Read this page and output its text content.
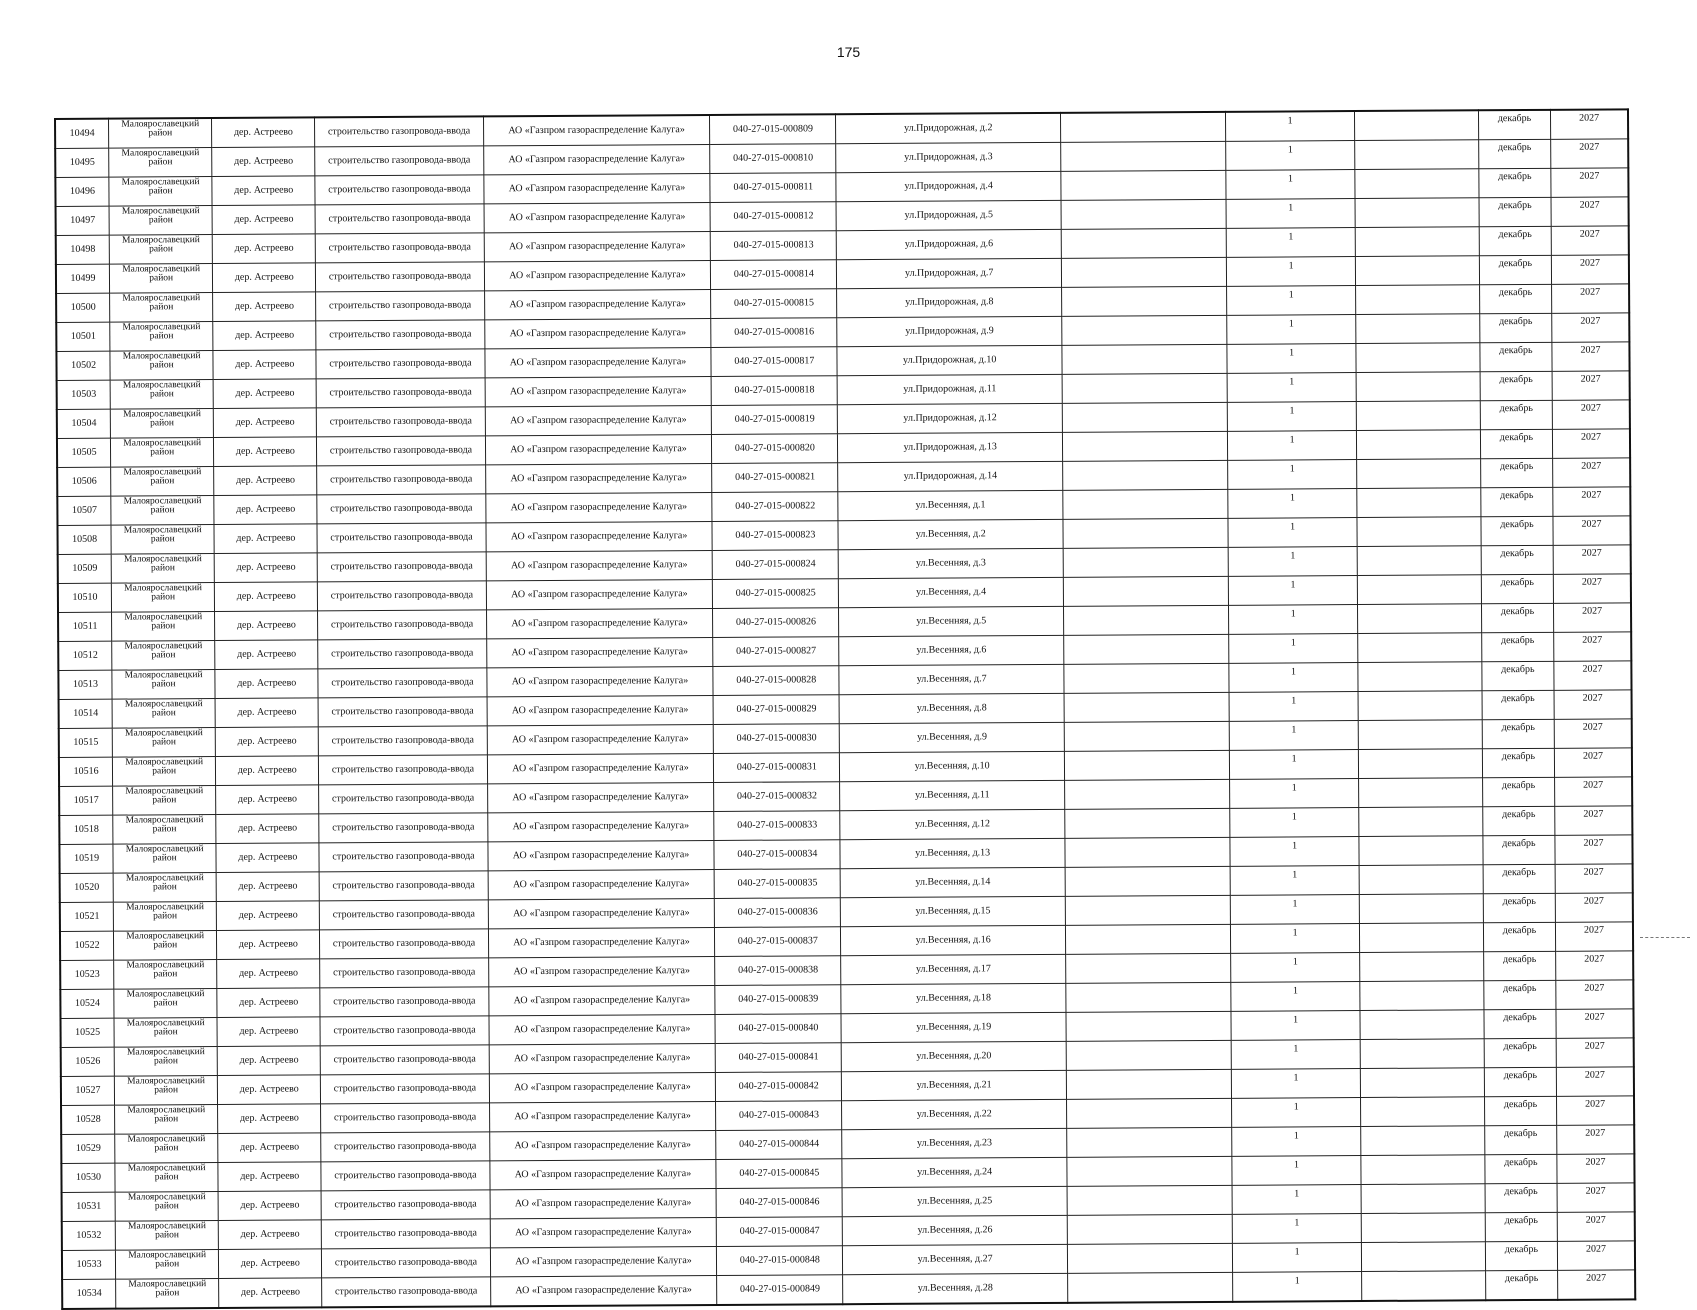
175
10494	Малоярославецкий район	дер. Астреево	строительство газопровода-ввода	АО «Газпром газораспределение Калуга»	040-27-015-000809	ул.Придорожная, д.2		1		декабрь	2027
10495	Малоярославецкий район	дер. Астреево	строительство газопровода-ввода	АО «Газпром газораспределение Калуга»	040-27-015-000810	ул.Придорожная, д.3		1		декабрь	2027
10496	Малоярославецкий район	дер. Астреево	строительство газопровода-ввода	АО «Газпром газораспределение Калуга»	040-27-015-000811	ул.Придорожная, д.4		1		декабрь	2027
10497	Малоярославецкий район	дер. Астреево	строительство газопровода-ввода	АО «Газпром газораспределение Калуга»	040-27-015-000812	ул.Придорожная, д.5		1		декабрь	2027
10498	Малоярославецкий район	дер. Астреево	строительство газопровода-ввода	АО «Газпром газораспределение Калуга»	040-27-015-000813	ул.Придорожная, д.6		1		декабрь	2027
10499	Малоярославецкий район	дер. Астреево	строительство газопровода-ввода	АО «Газпром газораспределение Калуга»	040-27-015-000814	ул.Придорожная, д.7		1		декабрь	2027
10500	Малоярославецкий район	дер. Астреево	строительство газопровода-ввода	АО «Газпром газораспределение Калуга»	040-27-015-000815	ул.Придорожная, д.8		1		декабрь	2027
10501	Малоярославецкий район	дер. Астреево	строительство газопровода-ввода	АО «Газпром газораспределение Калуга»	040-27-015-000816	ул.Придорожная, д.9		1		декабрь	2027
10502	Малоярославецкий район	дер. Астреево	строительство газопровода-ввода	АО «Газпром газораспределение Калуга»	040-27-015-000817	ул.Придорожная, д.10		1		декабрь	2027
10503	Малоярославецкий район	дер. Астреево	строительство газопровода-ввода	АО «Газпром газораспределение Калуга»	040-27-015-000818	ул.Придорожная, д.11		1		декабрь	2027
10504	Малоярославецкий район	дер. Астреево	строительство газопровода-ввода	АО «Газпром газораспределение Калуга»	040-27-015-000819	ул.Придорожная, д.12		1		декабрь	2027
10505	Малоярославецкий район	дер. Астреево	строительство газопровода-ввода	АО «Газпром газораспределение Калуга»	040-27-015-000820	ул.Придорожная, д.13		1		декабрь	2027
10506	Малоярославецкий район	дер. Астреево	строительство газопровода-ввода	АО «Газпром газораспределение Калуга»	040-27-015-000821	ул.Придорожная, д.14		1		декабрь	2027
10507	Малоярославецкий район	дер. Астреево	строительство газопровода-ввода	АО «Газпром газораспределение Калуга»	040-27-015-000822	ул.Весенняя, д.1		1		декабрь	2027
10508	Малоярославецкий район	дер. Астреево	строительство газопровода-ввода	АО «Газпром газораспределение Калуга»	040-27-015-000823	ул.Весенняя, д.2		1		декабрь	2027
10509	Малоярославецкий район	дер. Астреево	строительство газопровода-ввода	АО «Газпром газораспределение Калуга»	040-27-015-000824	ул.Весенняя, д.3		1		декабрь	2027
10510	Малоярославецкий район	дер. Астреево	строительство газопровода-ввода	АО «Газпром газораспределение Калуга»	040-27-015-000825	ул.Весенняя, д.4		1		декабрь	2027
10511	Малоярославецкий район	дер. Астреево	строительство газопровода-ввода	АО «Газпром газораспределение Калуга»	040-27-015-000826	ул.Весенняя, д.5		1		декабрь	2027
10512	Малоярославецкий район	дер. Астреево	строительство газопровода-ввода	АО «Газпром газораспределение Калуга»	040-27-015-000827	ул.Весенняя, д.6		1		декабрь	2027
10513	Малоярославецкий район	дер. Астреево	строительство газопровода-ввода	АО «Газпром газораспределение Калуга»	040-27-015-000828	ул.Весенняя, д.7		1		декабрь	2027
10514	Малоярославецкий район	дер. Астреево	строительство газопровода-ввода	АО «Газпром газораспределение Калуга»	040-27-015-000829	ул.Весенняя, д.8		1		декабрь	2027
10515	Малоярославецкий район	дер. Астреево	строительство газопровода-ввода	АО «Газпром газораспределение Калуга»	040-27-015-000830	ул.Весенняя, д.9		1		декабрь	2027
10516	Малоярославецкий район	дер. Астреево	строительство газопровода-ввода	АО «Газпром газораспределение Калуга»	040-27-015-000831	ул.Весенняя, д.10		1		декабрь	2027
10517	Малоярославецкий район	дер. Астреево	строительство газопровода-ввода	АО «Газпром газораспределение Калуга»	040-27-015-000832	ул.Весенняя, д.11		1		декабрь	2027
10518	Малоярославецкий район	дер. Астреево	строительство газопровода-ввода	АО «Газпром газораспределение Калуга»	040-27-015-000833	ул.Весенняя, д.12		1		декабрь	2027
10519	Малоярославецкий район	дер. Астреево	строительство газопровода-ввода	АО «Газпром газораспределение Калуга»	040-27-015-000834	ул.Весенняя, д.13		1		декабрь	2027
10520	Малоярославецкий район	дер. Астреево	строительство газопровода-ввода	АО «Газпром газораспределение Калуга»	040-27-015-000835	ул.Весенняя, д.14		1		декабрь	2027
10521	Малоярославецкий район	дер. Астреево	строительство газопровода-ввода	АО «Газпром газораспределение Калуга»	040-27-015-000836	ул.Весенняя, д.15		1		декабрь	2027
10522	Малоярославецкий район	дер. Астреево	строительство газопровода-ввода	АО «Газпром газораспределение Калуга»	040-27-015-000837	ул.Весенняя, д.16		1		декабрь	2027
10523	Малоярославецкий район	дер. Астреево	строительство газопровода-ввода	АО «Газпром газораспределение Калуга»	040-27-015-000838	ул.Весенняя, д.17		1		декабрь	2027
10524	Малоярославецкий район	дер. Астреево	строительство газопровода-ввода	АО «Газпром газораспределение Калуга»	040-27-015-000839	ул.Весенняя, д.18		1		декабрь	2027
10525	Малоярославецкий район	дер. Астреево	строительство газопровода-ввода	АО «Газпром газораспределение Калуга»	040-27-015-000840	ул.Весенняя, д.19		1		декабрь	2027
10526	Малоярославецкий район	дер. Астреево	строительство газопровода-ввода	АО «Газпром газораспределение Калуга»	040-27-015-000841	ул.Весенняя, д.20		1		декабрь	2027
10527	Малоярославецкий район	дер. Астреево	строительство газопровода-ввода	АО «Газпром газораспределение Калуга»	040-27-015-000842	ул.Весенняя, д.21		1		декабрь	2027
10528	Малоярославецкий район	дер. Астреево	строительство газопровода-ввода	АО «Газпром газораспределение Калуга»	040-27-015-000843	ул.Весенняя, д.22		1		декабрь	2027
10529	Малоярославецкий район	дер. Астреево	строительство газопровода-ввода	АО «Газпром газораспределение Калуга»	040-27-015-000844	ул.Весенняя, д.23		1		декабрь	2027
10530	Малоярославецкий район	дер. Астреево	строительство газопровода-ввода	АО «Газпром газораспределение Калуга»	040-27-015-000845	ул.Весенняя, д.24		1		декабрь	2027
10531	Малоярославецкий район	дер. Астреево	строительство газопровода-ввода	АО «Газпром газораспределение Калуга»	040-27-015-000846	ул.Весенняя, д.25		1		декабрь	2027
10532	Малоярославецкий район	дер. Астреево	строительство газопровода-ввода	АО «Газпром газораспределение Калуга»	040-27-015-000847	ул.Весенняя, д.26		1		декабрь	2027
10533	Малоярославецкий район	дер. Астреево	строительство газопровода-ввода	АО «Газпром газораспределение Калуга»	040-27-015-000848	ул.Весенняя, д.27		1		декабрь	2027
10534	Малоярославецкий район	дер. Астреево	строительство газопровода-ввода	АО «Газпром газораспределение Калуга»	040-27-015-000849	ул.Весенняя, д.28		1		декабрь	2027
